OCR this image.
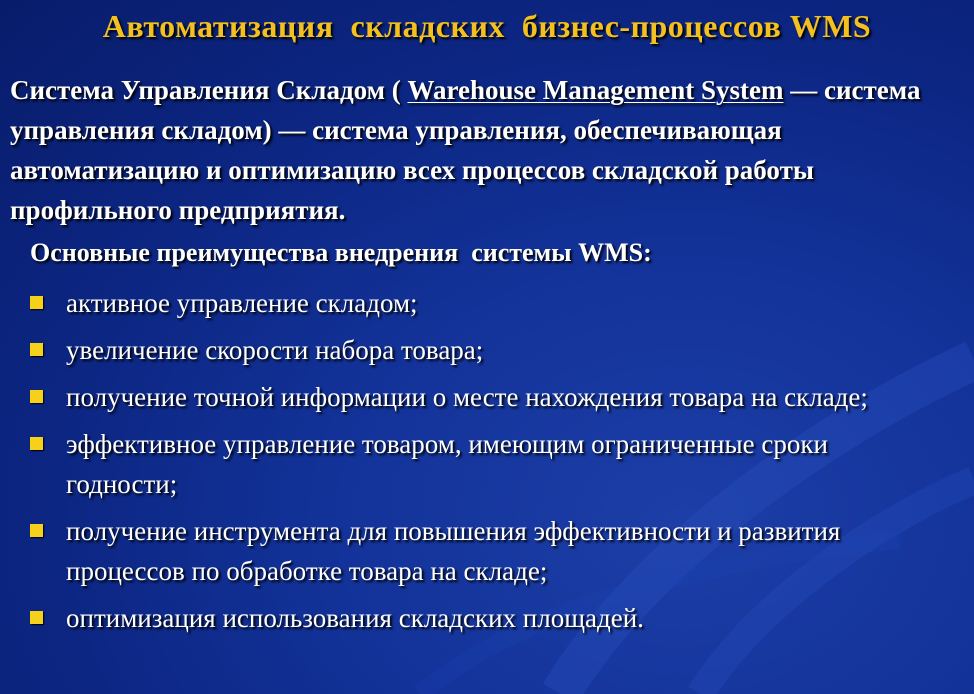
Автоматизация  складских  бизнес-процессов WMS
Система Управления Складом ( Warehouse Management System — система управления складом) — система управления, обеспечивающая автоматизацию и оптимизацию всех процессов складской работы профильного предприятия.
Основные преимущества внедрения  системы WMS:
активное управление складом;
увеличение скорости набора товара;
получение точной информации о месте нахождения товара на складе;
эффективное управление товаром, имеющим ограниченные сроки годности;
получение инструмента для повышения эффективности и развития процессов по обработке товара на складе;
оптимизация использования складских площадей.
